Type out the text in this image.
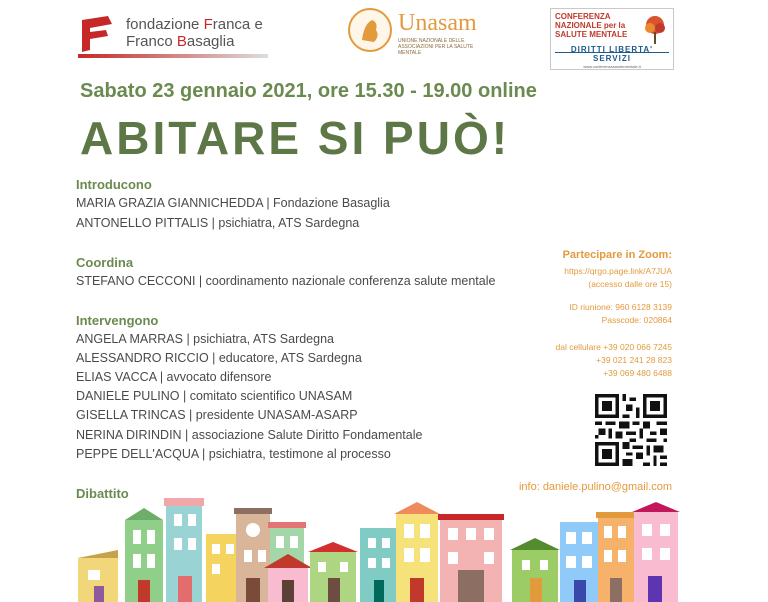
fondazione Franca e
Franco Basaglia
Unasam
UNIONE NAZIONALE DELLE ASSOCIAZIONI PER LA SALUTE MENTALE
CONFERENZA NAZIONALE per la SALUTE MENTALE
DIRITTI LIBERTA' SERVIZI
www.conferenzasalutementale.it
Sabato 23 gennaio 2021, ore 15.30 - 19.00 online
ABITARE SI PUÒ!
Introducono
MARIA GRAZIA GIANNICHEDDA | Fondazione Basaglia
ANTONELLO PITTALIS | psichiatra, ATS Sardegna
Coordina
STEFANO CECCONI | coordinamento nazionale conferenza salute mentale
Intervengono
ANGELA MARRAS | psichiatra, ATS Sardegna
ALESSANDRO RICCIO | educatore, ATS Sardegna
ELIAS VACCA | avvocato difensore
DANIELE PULINO | comitato scientifico UNASAM
GISELLA TRINCAS | presidente UNASAM-ASARP
NERINA DIRINDIN | associazione Salute Diritto Fondamentale
PEPPE DELL'ACQUA | psichiatra, testimone al processo
Dibattito
Partecipare in Zoom:
https://qrgo.page.link/A7JUA
(accesso dalle ore 15)
ID riunione: 960 6128 3139
Passcode: 020864
dal cellulare +39 020 066 7245
+39 021 241 28 823
+39 069 480 6488
info: daniele.pulino@gmail.com
